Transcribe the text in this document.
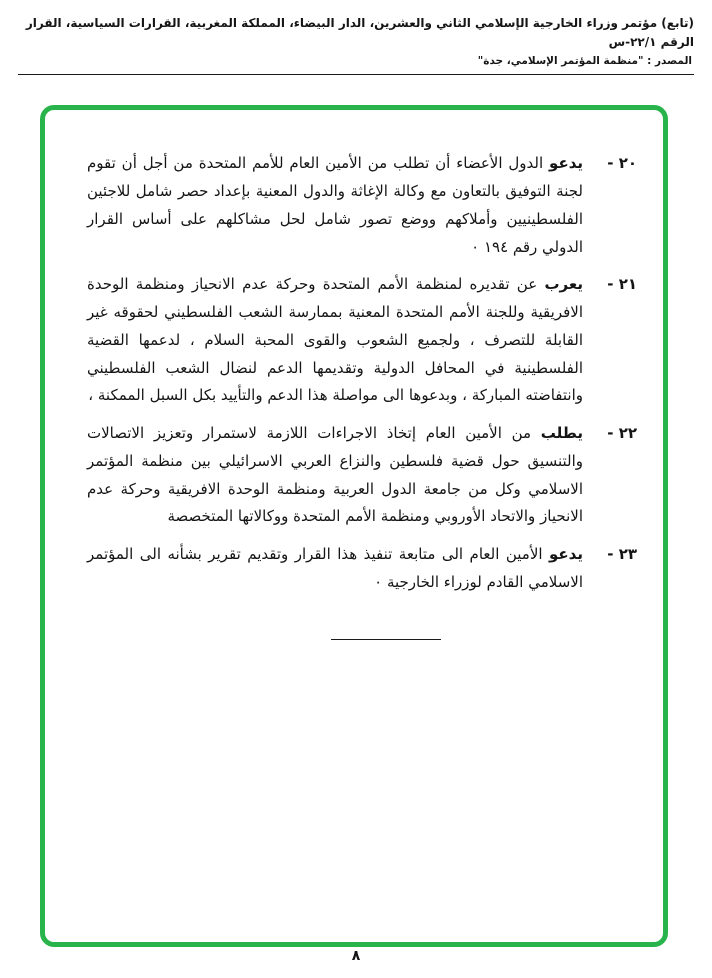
(تابع) مؤتمر وزراء الخارجية الإسلامي الثاني والعشرين، الدار البيضاء، المملكة المغربية، القرارات السياسية، القرار الرقم ٢٢/١-س
المصدر : "منظمة المؤتمر الإسلامي، جدة"
٢٠ -

يدعو الدول الأعضاء أن تطلب من الأمين العام للأمم المتحدة من أجل أن تقوم لجنة التوفيق بالتعاون مع وكالة الإغاثة والدول المعنية بإعداد حصر شامل للاجئين الفلسطينيين وأملاكهم ووضع تصور شامل لحل مشاكلهم على أساس القرار الدولي رقم ١٩٤ ٠

٢١ -

يعرب عن تقديره لمنظمة الأمم المتحدة وحركة عدم الانحياز ومنظمة الوحدة الافريقية وللجنة الأمم المتحدة المعنية بممارسة الشعب الفلسطيني لحقوقه غير القابلة للتصرف ، ولجميع الشعوب والقوى المحبة السلام ، لدعمها القضية الفلسطينية في المحافل الدولية وتقديمها الدعم لنضال الشعب الفلسطيني وانتفاضته المباركة ، وبدعوها الى مواصلة هذا الدعم والتأييد بكل السبل الممكنة ،

٢٢ -

يطلب من الأمين العام إتخاذ الاجراءات اللازمة لاستمرار وتعزيز الاتصالات والتنسيق حول قضية فلسطين والنزاع العربي الاسرائيلي بين منظمة المؤتمر الاسلامي وكل من جامعة الدول العربية ومنظمة الوحدة الافريقية وحركة عدم الانحياز والاتحاد الأوروبي ومنظمة الأمم المتحدة ووكالاتها المتخصصة

٢٣ -

يدعو الأمين العام الى متابعة تنفيذ هذا القرار وتقديم تقرير بشأنه الى المؤتمر الاسلامي القادم لوزراء الخارجية ٠

٨
